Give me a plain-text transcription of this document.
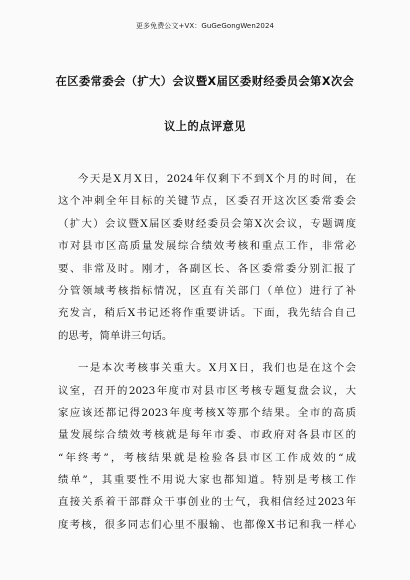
更多免费公文+VX：GuGeGongWen2024
在区委常委会（扩大）会议暨X届区委财经委员会第X次会
议上的点评意见
今天是X月X日，2024年仅剩下不到X个月的时间，在
这个冲刺全年目标的关键节点，区委召开这次区委常委会
（扩大）会议暨X届区委财经委员会第X次会议，专题调度
市对县市区高质量发展综合绩效考核和重点工作，非常必
要、非常及时。刚才，各副区长、各区委常委分别汇报了
分管领域考核指标情况，区直有关部门（单位）进行了补
充发言，稍后X书记还将作重要讲话。下面，我先结合自己
的思考，简单讲三句话。
一是本次考核事关重大。X月X日，我们也是在这个会
议室，召开的2023年度市对县市区考核专题复盘会议，大
家应该还都记得2023年度考核X等那个结果。全市的高质
量发展综合绩效考核就是每年市委、市政府对各县市区的
“年终考”，考核结果就是检验各县市区工作成效的“成
绩单”，其重要性不用说大家也都知道。特别是考核工作
直接关系着干部群众干事创业的士气，我相信经过2023年
度考核，很多同志们心里不服输、也都像X书记和我一样心
